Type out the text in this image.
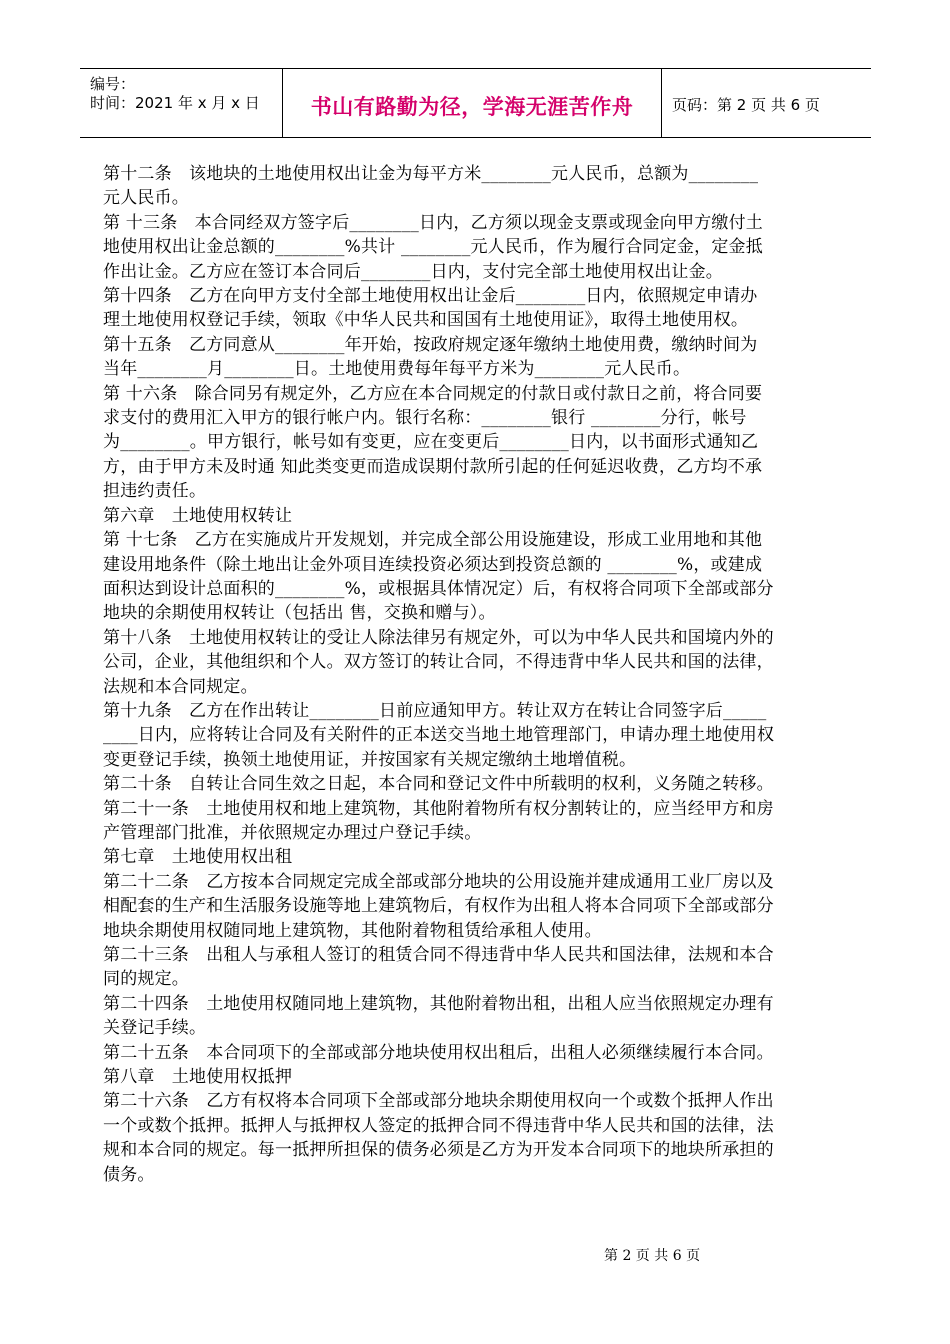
编号：
时间：2021 年 x 月 x 日	书山有路勤为径，学海无涯苦作舟	页码：第 2 页 共 6 页

第十二条　该地块的土地使用权出让金为每平方米________元人民币，总额为________

元人民币。

第 十三条　本合同经双方签字后________日内，乙方须以现金支票或现金向甲方缴付土

地使用权出让金总额的________%共计 ________元人民币，作为履行合同定金，定金抵

作出让金。乙方应在签订本合同后________日内，支付完全部土地使用权出让金。

第十四条　乙方在向甲方支付全部土地使用权出让金后________日内，依照规定申请办

理土地使用权登记手续，领取《中华人民共和国国有土地使用证》，取得土地使用权。

第十五条　乙方同意从________年开始，按政府规定逐年缴纳土地使用费，缴纳时间为

当年________月________日。土地使用费每年每平方米为________元人民币。

第 十六条　除合同另有规定外，乙方应在本合同规定的付款日或付款日之前，将合同要

求支付的费用汇入甲方的银行帐户内。银行名称：________银行 ________分行，帐号

为________。甲方银行，帐号如有变更，应在变更后________日内，以书面形式通知乙

方，由于甲方未及时通 知此类变更而造成误期付款所引起的任何延迟收费，乙方均不承

担违约责任。

第六章　土地使用权转让

第 十七条　乙方在实施成片开发规划，并完成全部公用设施建设，形成工业用地和其他

建设用地条件（除土地出让金外项目连续投资必须达到投资总额的 ________%，或建成

面积达到设计总面积的________%，或根据具体情况定）后，有权将合同项下全部或部分

地块的余期使用权转让（包括出 售，交换和赠与）。

第十八条　土地使用权转让的受让人除法律另有规定外，可以为中华人民共和国境内外的

公司，企业，其他组织和个人。双方签订的转让合同，不得违背中华人民共和国的法律，

法规和本合同规定。

第十九条　乙方在作出转让________日前应通知甲方。转让双方在转让合同签字后_____

____日内，应将转让合同及有关附件的正本送交当地土地管理部门，申请办理土地使用权

变更登记手续，换领土地使用证，并按国家有关规定缴纳土地增值税。

第二十条　自转让合同生效之日起，本合同和登记文件中所载明的权利，义务随之转移。

第二十一条　土地使用权和地上建筑物，其他附着物所有权分割转让的，应当经甲方和房

产管理部门批准，并依照规定办理过户登记手续。

第七章　土地使用权出租

第二十二条　乙方按本合同规定完成全部或部分地块的公用设施并建成通用工业厂房以及

相配套的生产和生活服务设施等地上建筑物后，有权作为出租人将本合同项下全部或部分

地块余期使用权随同地上建筑物，其他附着物租赁给承租人使用。

第二十三条　出租人与承租人签订的租赁合同不得违背中华人民共和国法律，法规和本合

同的规定。

第二十四条　土地使用权随同地上建筑物，其他附着物出租，出租人应当依照规定办理有

关登记手续。

第二十五条　本合同项下的全部或部分地块使用权出租后，出租人必须继续履行本合同。

第八章　土地使用权抵押

第二十六条　乙方有权将本合同项下全部或部分地块余期使用权向一个或数个抵押人作出

一个或数个抵押。抵押人与抵押权人签定的抵押合同不得违背中华人民共和国的法律，法

规和本合同的规定。每一抵押所担保的债务必须是乙方为开发本合同项下的地块所承担的

债务。

第 2 页 共 6 页
